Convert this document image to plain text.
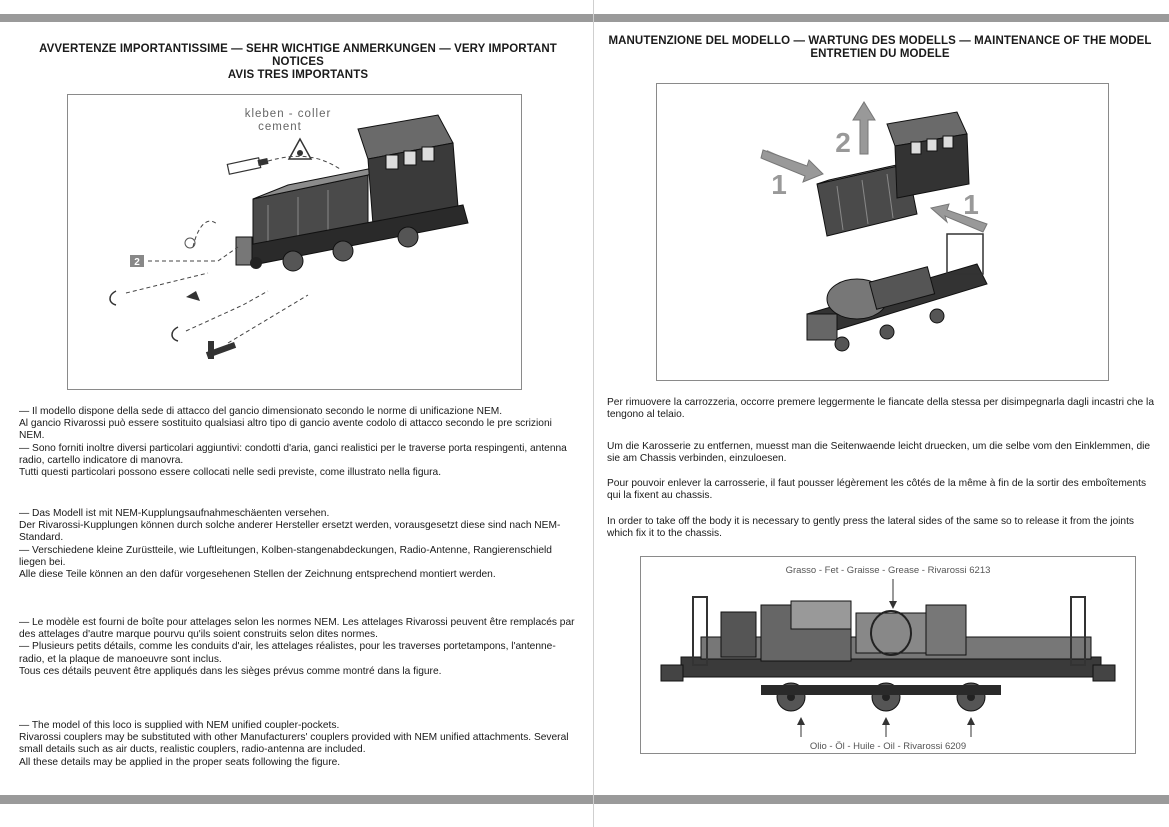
AVVERTENZE IMPORTANTISSIME — SEHR WICHTIGE ANMERKUNGEN — VERY IMPORTANT NOTICES
AVIS TRES IMPORTANTS
kleben - coller
cement
2

— Il modello dispone della sede di attacco del gancio dimensionato secondo le norme di unificazione NEM.

Al gancio Rivarossi può essere sostituito qualsiasi altro tipo di gancio avente codolo di attacco secondo le pre scrizioni NEM.

— Sono forniti inoltre diversi particolari aggiuntivi: condotti d'aria, ganci realistici per le traverse porta respingenti, antenna radio, cartello indicatore di manovra.

Tutti questi particolari possono essere collocati nelle sedi previste, come illustrato nella figura.

— Das Modell ist mit NEM-Kupplungsaufnahmeschäenten versehen.

Der Rivarossi-Kupplungen können durch solche anderer Hersteller ersetzt werden, vorausgesetzt diese sind nach NEM-Standard.

— Verschiedene kleine Zurüstteile, wie Luftleitungen, Kolben-stangenabdeckungen, Radio-Antenne, Rangierenschield liegen bei.

Alle diese Teile können an den dafür vorgesehenen Stellen der Zeichnung entsprechend montiert werden.

— Le modèle est fourni de boîte pour attelages selon les normes NEM. Les attelages Rivarossi peuvent être remplacés par des attelages d'autre marque pourvu qu'ils soient construits selon dites normes.

— Plusieurs petits détails, comme les conduits d'air, les attelages réalistes, pour les traverses portetampons, l'antenne-radio, et la plaque de manoeuvre sont inclus.

Tous ces détails peuvent être appliqués dans les sièges prévus comme montré dans la figure.

— The model of this loco is supplied with NEM unified coupler-pockets.

Rivarossi couplers may be substituted with other Manufacturers' couplers provided with NEM unified attachments. Several small details such as air ducts, realistic couplers, radio-antenna are included.

All these details may be applied in the proper seats following the figure.

MANUTENZIONE DEL MODELLO — WARTUNG DES MODELLS — MAINTENANCE OF THE MODEL
ENTRETIEN DU MODELE
1
2
1

Per rimuovere la carrozzeria, occorre premere leggermente le fiancate della stessa per disimpegnarla dagli incastri che la tengono al telaio.

Um die Karosserie zu entfernen, muesst man die Seitenwaende leicht druecken, um die selbe vom den Einklemmen, die sie am Chassis verbinden, einzuloesen.

Pour pouvoir enlever la carrosserie, il faut pousser légèrement les côtés de la même à fin de la sortir des emboîtements qui la fixent au chassis.

In order to take off the body it is necessary to gently press the lateral sides of the same so to release it from the joints which fix it to the chassis.

Grasso - Fet - Graisse - Grease - Rivarossi 6213
Olio - Öl - Huile - Oil - Rivarossi 6209
